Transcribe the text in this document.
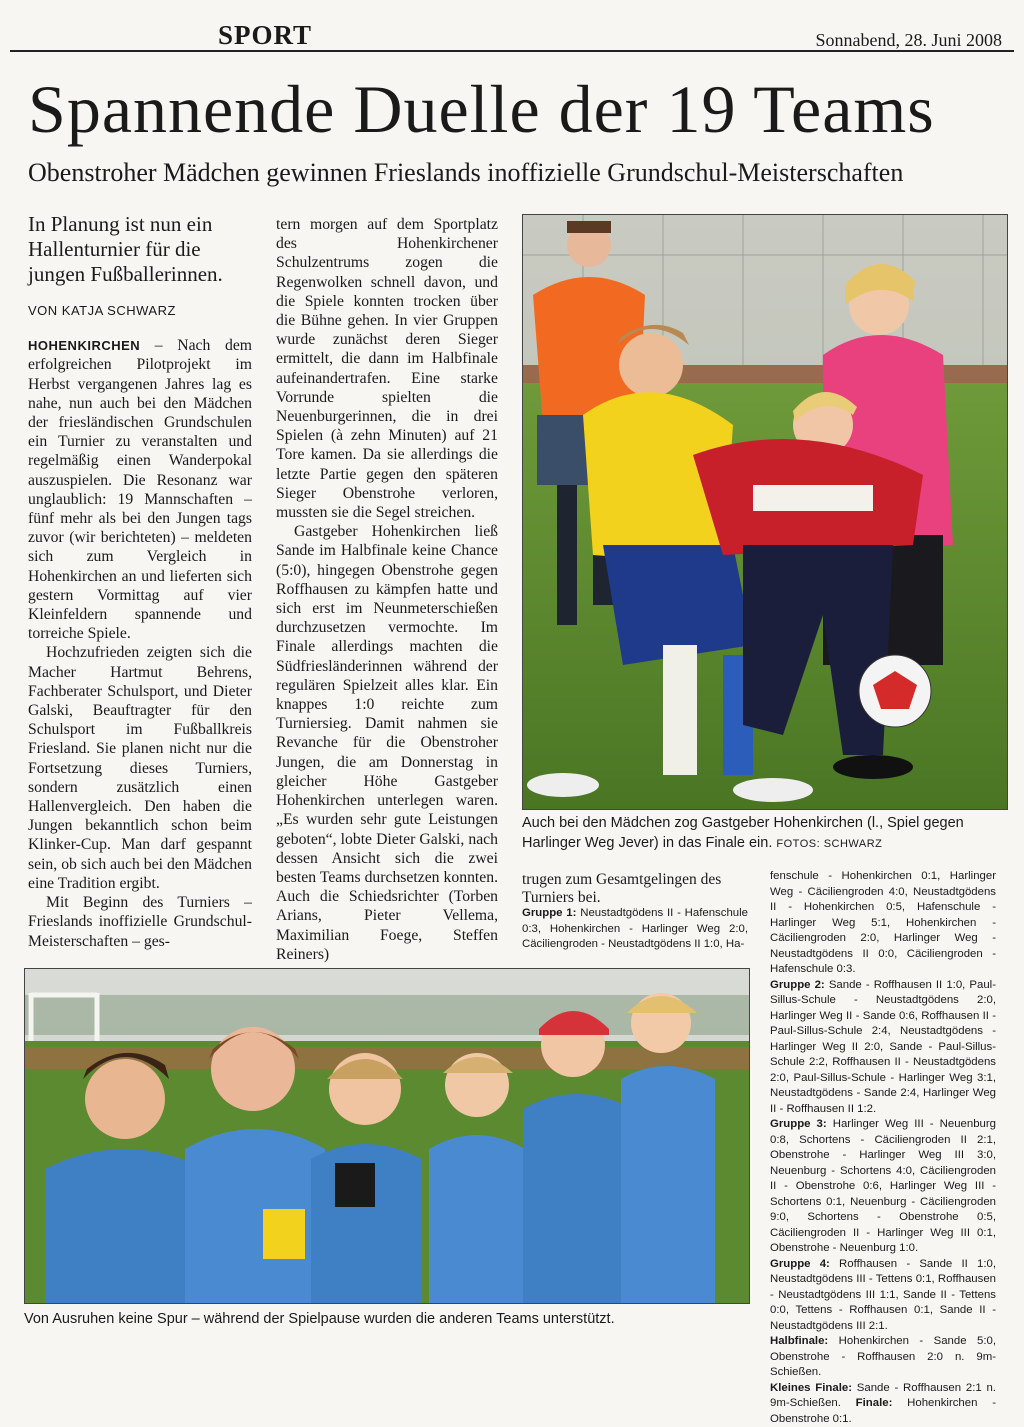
SPORT	Sonnabend, 28. Juni 2008
Spannende Duelle der 19 Teams
Obenstroher Mädchen gewinnen Frieslands inoffizielle Grundschul-Meisterschaften
In Planung ist nun ein Hallenturnier für die jungen Fußballerinnen.
VON KATJA SCHWARZ

HOHENKIRCHEN – Nach dem erfolgreichen Pilotprojekt im Herbst vergangenen Jahres lag es nahe, nun auch bei den Mädchen der friesländischen Grundschulen ein Turnier zu veranstalten und regelmäßig einen Wanderpokal auszuspielen. Die Resonanz war unglaublich: 19 Mannschaften – fünf mehr als bei den Jungen tags zuvor (wir berichteten) – meldeten sich zum Vergleich in Hohenkirchen an und lieferten sich gestern Vormittag auf vier Kleinfeldern spannende und torreiche Spiele.

Hochzufrieden zeigten sich die Macher Hartmut Behrens, Fachberater Schulsport, und Dieter Galski, Beauftragter für den Schulsport im Fußballkreis Friesland. Sie planen nicht nur die Fortsetzung dieses Turniers, sondern zusätzlich einen Hallenvergleich. Den haben die Jungen bekanntlich schon beim Klinker-Cup. Man darf gespannt sein, ob sich auch bei den Mädchen eine Tradition ergibt.

Mit Beginn des Turniers – Frieslands inoffizielle Grundschul-Meisterschaften – ges-

tern morgen auf dem Sportplatz des Hohenkirchener Schulzentrums zogen die Regenwolken schnell davon, und die Spiele konnten trocken über die Bühne gehen. In vier Gruppen wurde zunächst deren Sieger ermittelt, die dann im Halbfinale aufeinandertrafen. Eine starke Vorrunde spielten die Neuenburgerinnen, die in drei Spielen (à zehn Minuten) auf 21 Tore kamen. Da sie allerdings die letzte Partie gegen den späteren Sieger Obenstrohe verloren, mussten sie die Segel streichen.

Gastgeber Hohenkirchen ließ Sande im Halbfinale keine Chance (5:0), hingegen Obenstrohe gegen Roffhausen zu kämpfen hatte und sich erst im Neunmeterschießen durchzusetzen vermochte. Im Finale allerdings machten die Südfriesländerinnen während der regulären Spielzeit alles klar. Ein knappes 1:0 reichte zum Turniersieg. Damit nahmen sie Revanche für die Obenstroher Jungen, die am Donnerstag in gleicher Höhe Gastgeber Hohenkirchen unterlegen waren. „Es wurden sehr gute Leistungen geboten“, lobte Dieter Galski, nach dessen Ansicht sich die zwei besten Teams durchsetzen konnten. Auch die Schiedsrichter (Torben Arians, Pieter Vellema, Maximilian Foege, Steffen Reiners)

Auch bei den Mädchen zog Gastgeber Hohenkirchen (l., Spiel gegen Harlinger Weg Jever) in das Finale ein. FOTOS: SCHWARZ

trugen zum Gesamtgelingen des Turniers bei.

Gruppe 1: Neustadtgödens II - Hafenschule 0:3, Hohenkirchen - Harlinger Weg 2:0, Cäciliengroden - Neustadtgödens II 1:0, Ha-

fenschule - Hohenkirchen 0:1, Harlinger Weg - Cäciliengroden 4:0, Neustadtgödens II - Hohenkirchen 0:5, Hafenschule - Harlinger Weg 5:1, Hohenkirchen - Cäciliengroden 2:0, Harlinger Weg - Neustadtgödens II 0:0, Cäciliengroden - Hafenschule 0:3.

Gruppe 2: Sande - Roffhausen II 1:0, Paul-Sillus-Schule - Neustadtgödens 2:0, Harlinger Weg II - Sande 0:6, Roffhausen II - Paul-Sillus-Schule 2:4, Neustadtgödens - Harlinger Weg II 2:0, Sande - Paul-Sillus-Schule 2:2, Roffhausen II - Neustadtgödens 2:0, Paul-Sillus-Schule - Harlinger Weg 3:1, Neustadtgödens - Sande 2:4, Harlinger Weg II - Roffhausen II 1:2.

Gruppe 3: Harlinger Weg III - Neuenburg 0:8, Schortens - Cäciliengroden II 2:1, Obenstrohe - Harlinger Weg III 3:0, Neuenburg - Schortens 4:0, Cäciliengroden II - Obenstrohe 0:6, Harlinger Weg III - Schortens 0:1, Neuenburg - Cäciliengroden 9:0, Schortens - Obenstrohe 0:5, Cäciliengroden II - Harlinger Weg III 0:1, Obenstrohe - Neuenburg 1:0.

Gruppe 4: Roffhausen - Sande II 1:0, Neustadtgödens III - Tettens 0:1, Roffhausen - Neustadtgödens III 1:1, Sande II - Tettens 0:0, Tettens - Roffhausen 0:1, Sande II - Neustadtgödens III 2:1.

Halbfinale: Hohenkirchen - Sande 5:0, Obenstrohe - Roffhausen 2:0 n. 9m-Schießen.

Kleines Finale: Sande - Roffhausen 2:1 n. 9m-Schießen. Finale: Hohenkirchen - Obenstrohe 0:1.

Von Ausruhen keine Spur – während der Spielpause wurden die anderen Teams unterstützt.
